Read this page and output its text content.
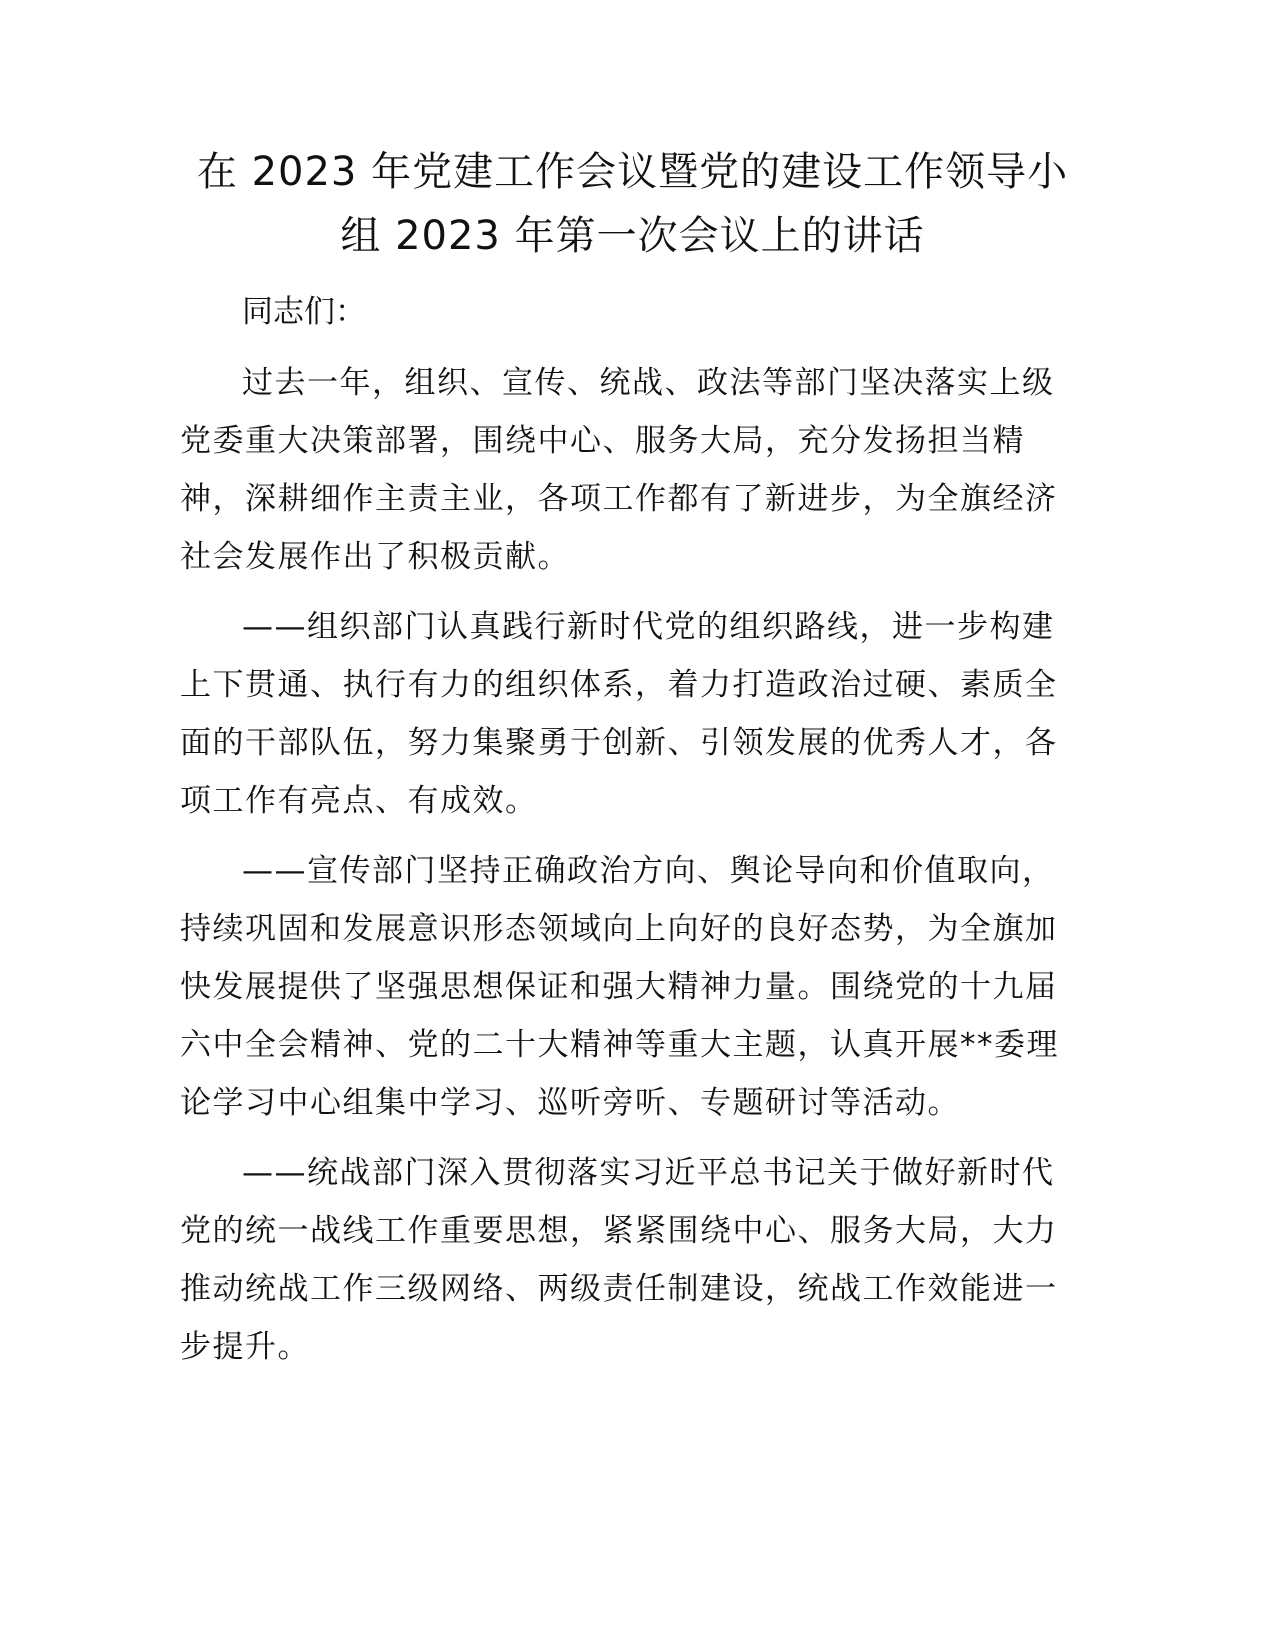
在 2023 年党建工作会议暨党的建设工作领导小
组 2023 年第一次会议上的讲话

同志们：

过去一年，组织、宣传、统战、政法等部门坚决落实上级
党委重大决策部署，围绕中心、服务大局，充分发扬担当精
神，深耕细作主责主业，各项工作都有了新进步，为全旗经济
社会发展作出了积极贡献。

——组织部门认真践行新时代党的组织路线，进一步构建
上下贯通、执行有力的组织体系，着力打造政治过硬、素质全
面的干部队伍，努力集聚勇于创新、引领发展的优秀人才，各
项工作有亮点、有成效。

——宣传部门坚持正确政治方向、舆论导向和价值取向，
持续巩固和发展意识形态领域向上向好的良好态势，为全旗加
快发展提供了坚强思想保证和强大精神力量。围绕党的十九届
六中全会精神、党的二十大精神等重大主题，认真开展**委理
论学习中心组集中学习、巡听旁听、专题研讨等活动。

——统战部门深入贯彻落实习近平总书记关于做好新时代
党的统一战线工作重要思想，紧紧围绕中心、服务大局，大力
推动统战工作三级网络、两级责任制建设，统战工作效能进一
步提升。
